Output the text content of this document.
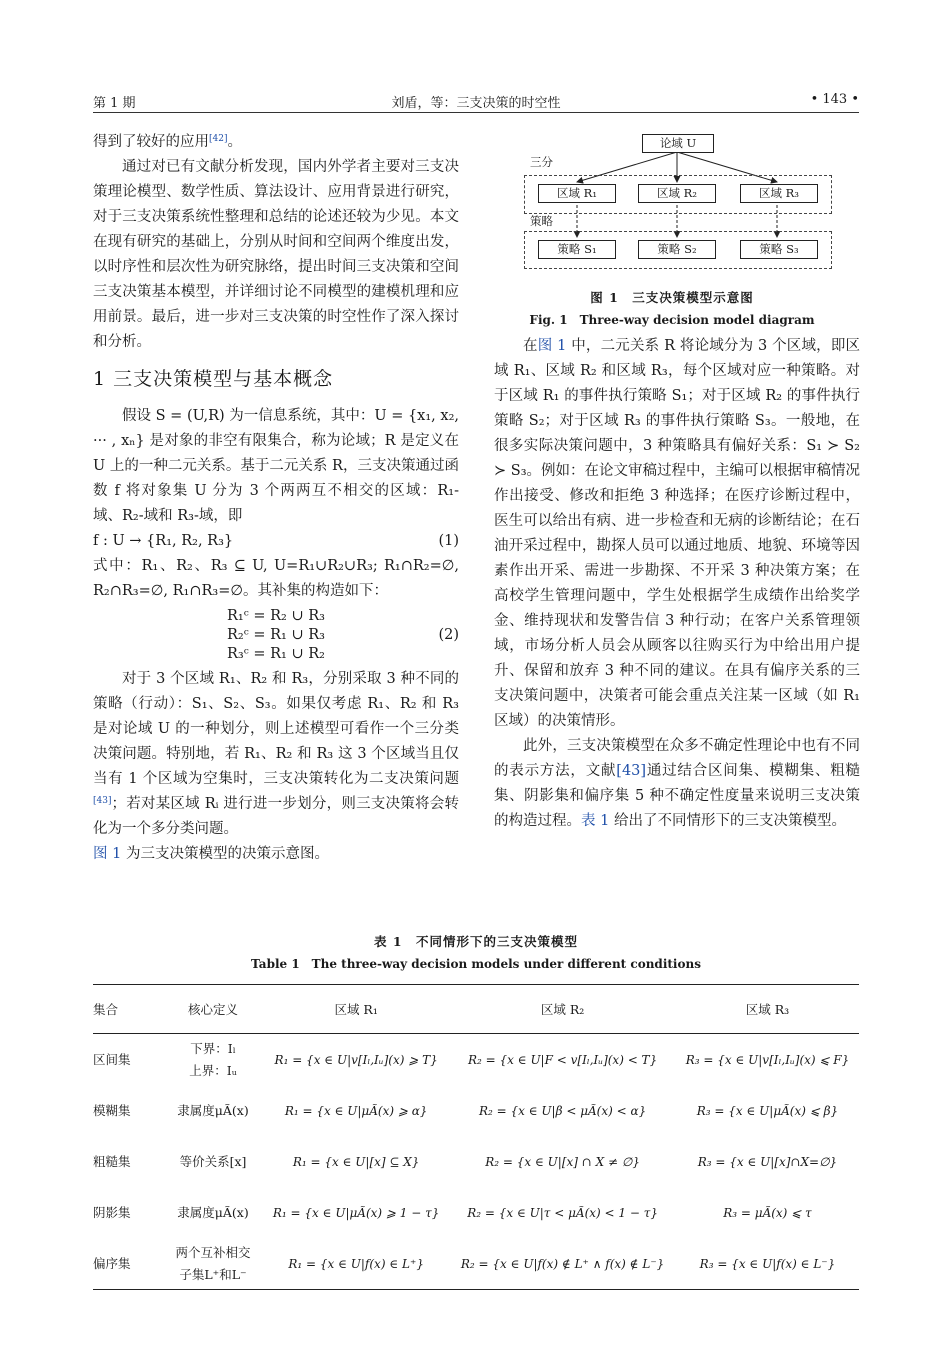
第 1 期	刘盾，等：三支决策的时空性	• 143 •

得到了较好的应用[42]。

通过对已有文献分析发现，国内外学者主要对三支决策理论模型、数学性质、算法设计、应用背景进行研究，对于三支决策系统性整理和总结的论述还较为少见。本文在现有研究的基础上，分别从时间和空间两个维度出发，以时序性和层次性为研究脉络，提出时间三支决策和空间三支决策基本模型，并详细讨论不同模型的建模机理和应用前景。最后，进一步对三支决策的时空性作了深入探讨和分析。

1 三支决策模型与基本概念

假设 S = (U,R) 为一信息系统，其中：U = {x₁, x₂, ··· , xₙ} 是对象的非空有限集合，称为论域；R 是定义在 U 上的一种二元关系。基于二元关系 R，三支决策通过函数 f 将对象集 U 分为 3 个两两互不相交的区域：R₁-域、R₂-域和 R₃-域，即

f : U → {R₁, R₂, R₃}	(1)

式中：R₁、R₂、R₃ ⊆ U, U=R₁∪R₂∪R₃; R₁∩R₂=∅, R₂∩R₃=∅, R₁∩R₃=∅。其补集的构造如下：

R₁ᶜ = R₂ ∪ R₃
R₂ᶜ = R₁ ∪ R₃
R₃ᶜ = R₁ ∪ R₂
(2)

对于 3 个区域 R₁、R₂ 和 R₃，分别采取 3 种不同的策略（行动）：S₁、S₂、S₃。如果仅考虑 R₁、R₂ 和 R₃ 是对论域 U 的一种划分，则上述模型可看作一个三分类决策问题。特别地，若 R₁、R₂ 和 R₃ 这 3 个区域当且仅当有 1 个区域为空集时，三支决策转化为二支决策问题[43]；若对某区域 Rᵢ 进行进一步划分，则三支决策将会转化为一个多分类问题。

图 1 为三支决策模型的决策示意图。

论域 U
三分
区域 R₁	区域 R₂	区域 R₃
策略
策略 S₁	策略 S₂	策略 S₃
图 1　三支决策模型示意图
Fig. 1　Three-way decision model diagram

在图 1 中，二元关系 R 将论域分为 3 个区域，即区域 R₁、区域 R₂ 和区域 R₃，每个区域对应一种策略。对于区域 R₁ 的事件执行策略 S₁；对于区域 R₂ 的事件执行策略 S₂；对于区域 R₃ 的事件执行策略 S₃。一般地，在很多实际决策问题中，3 种策略具有偏好关系：S₁ ≻ S₂ ≻ S₃。例如：在论文审稿过程中，主编可以根据审稿情况作出接受、修改和拒绝 3 种选择；在医疗诊断过程中，医生可以给出有病、进一步检查和无病的诊断结论；在石油开采过程中，勘探人员可以通过地质、地貌、环境等因素作出开采、需进一步勘探、不开采 3 种决策方案；在高校学生管理问题中，学生处根据学生成绩作出给奖学金、维持现状和发警告信 3 种行动；在客户关系管理领域，市场分析人员会从顾客以往购买行为中给出用户提升、保留和放弃 3 种不同的建议。在具有偏序关系的三支决策问题中，决策者可能会重点关注某一区域（如 R₁ 区域）的决策情形。

此外，三支决策模型在众多不确定性理论中也有不同的表示方法，文献[43]通过结合区间集、模糊集、粗糙集、阴影集和偏序集 5 种不确定性度量来说明三支决策的构造过程。表 1 给出了不同情形下的三支决策模型。

表 1　不同情形下的三支决策模型
Table 1　The three-way decision models under different conditions
集合	核心定义	区域 R₁	区域 R₂	区域 R₃
区间集	下界：Iₗ
上界：Iᵤ	R₁ = {x ∈ U|v[Iₗ,Iᵤ](x) ⩾ T}	R₂ = {x ∈ U|F < v[Iₗ,Iᵤ](x) < T}	R₃ = {x ∈ U|v[Iₗ,Iᵤ](x) ⩽ F}
模糊集	隶属度μÃ(x)	R₁ = {x ∈ U|μÃ(x) ⩾ α}	R₂ = {x ∈ U|β < μÃ(x) < α}	R₃ = {x ∈ U|μÃ(x) ⩽ β}
粗糙集	等价关系[x]	R₁ = {x ∈ U|[x] ⊆ X}	R₂ = {x ∈ U|[x] ∩ X ≠ ∅}	R₃ = {x ∈ U|[x]∩X=∅}
阴影集	隶属度μÃ(x)	R₁ = {x ∈ U|μÃ(x) ⩾ 1 − τ}	R₂ = {x ∈ U|τ < μÃ(x) < 1 − τ}	R₃ = μÃ(x) ⩽ τ
偏序集	两个互补相交
子集L⁺和L⁻	R₁ = {x ∈ U|f(x) ∈ L⁺}	R₂ = {x ∈ U|f(x) ∉ L⁺ ∧ f(x) ∉ L⁻}	R₃ = {x ∈ U|f(x) ∈ L⁻}
